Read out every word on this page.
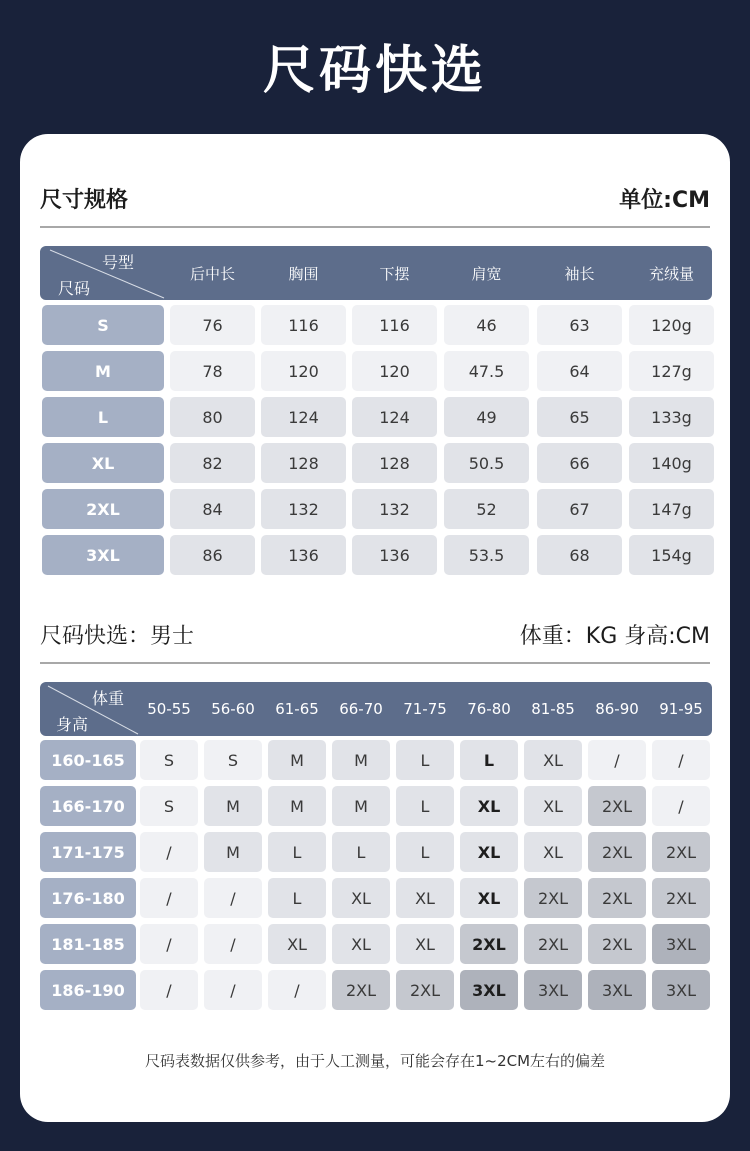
尺码快选
尺寸规格	单位:CM
号型
尺码
后中长	胸围	下摆	肩宽	袖长	充绒量
尺码快选：男士	体重：KG 身高:CM
体重
身高
50-55	56-60	61-65	66-70	71-75	76-80	81-85	86-90	91-95
尺码表数据仅供参考，由于人工测量，可能会存在1~2CM左右的偏差
S	76	116	116	46	63	120g
M	78	120	120	47.5	64	127g
L	80	124	124	49	65	133g
XL	82	128	128	50.5	66	140g
2XL	84	132	132	52	67	147g
3XL	86	136	136	53.5	68	154g
160-165	S	S	M	M	L	L	XL	/	/
166-170	S	M	M	M	L	XL	XL	2XL	/
171-175	/	M	L	L	L	XL	XL	2XL	2XL
176-180	/	/	L	XL	XL	XL	2XL	2XL	2XL
181-185	/	/	XL	XL	XL	2XL	2XL	2XL	3XL
186-190	/	/	/	2XL	2XL	3XL	3XL	3XL	3XL
